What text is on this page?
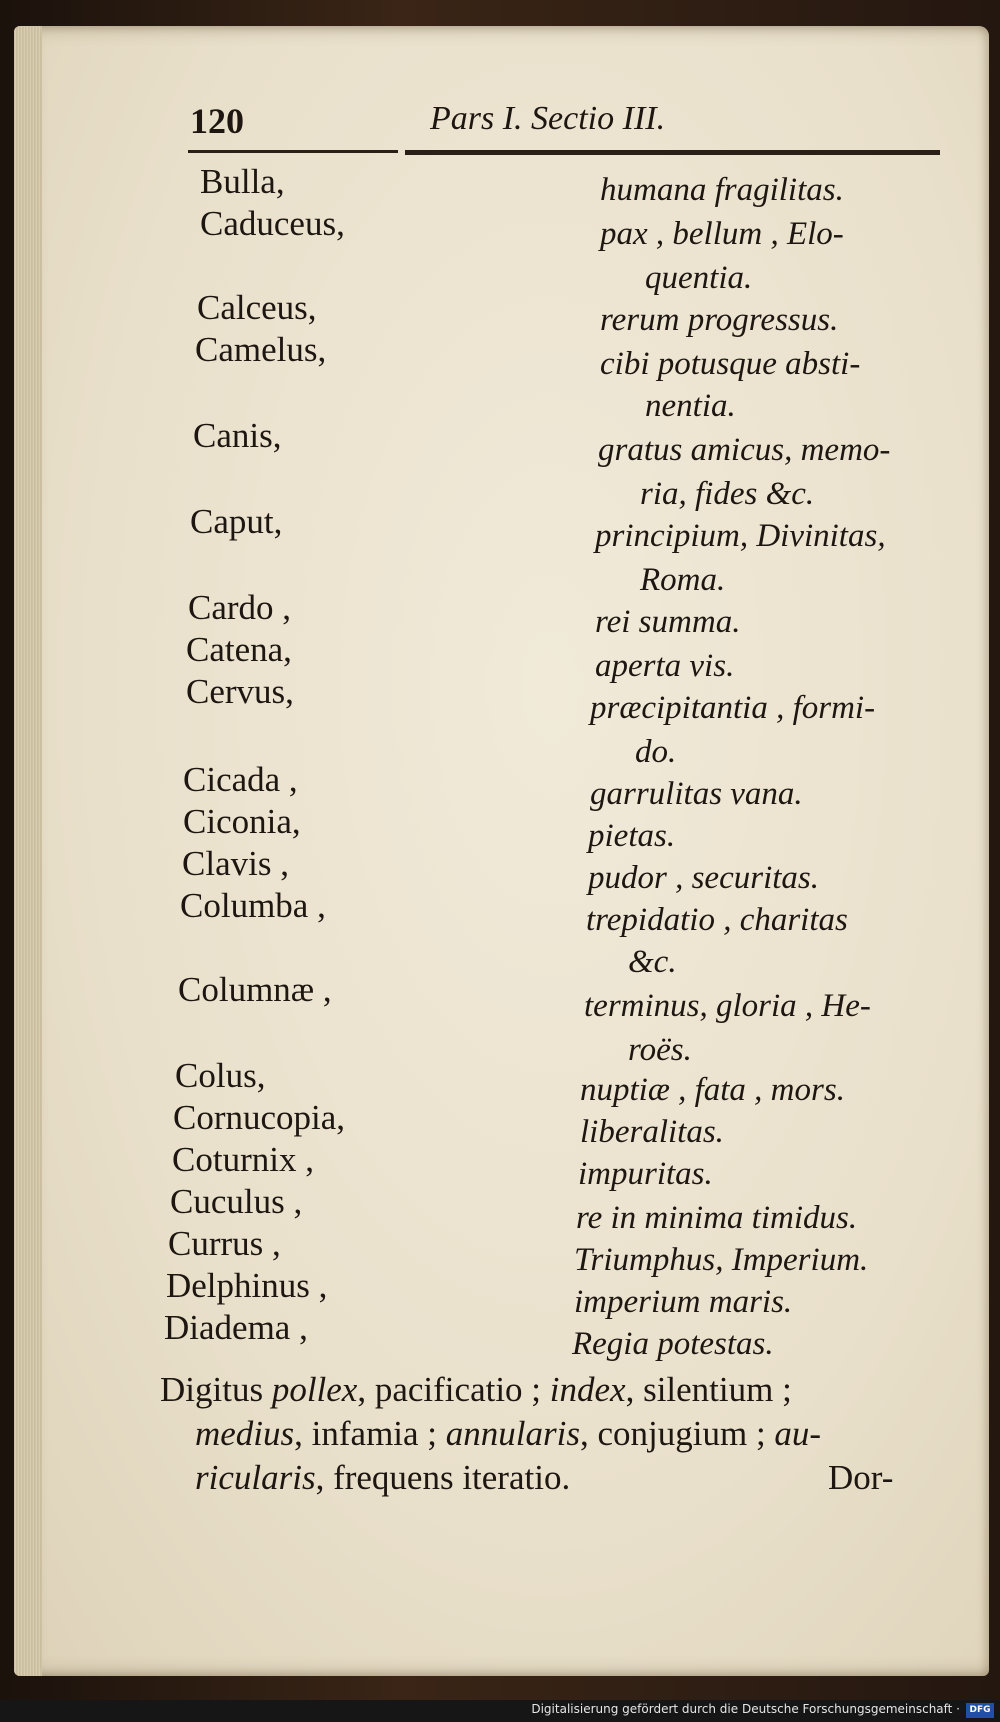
120	Pars I. Sectio III.
Bulla,	humana fragilitas.
Caduceus,	pax , bellum , Elo-
quentia.
Calceus,	rerum progressus.
Camelus,	cibi potusque absti-
nentia.
Canis,	gratus amicus, memo-
ria, fides &c.
Caput,	principium, Divinitas,
Roma.
Cardo ,	rei summa.
Catena,	aperta vis.
Cervus,	præcipitantia , formi-
do.
Cicada ,	garrulitas vana.
Ciconia,	pietas.
Clavis ,	pudor , securitas.
Columba ,	trepidatio , charitas
&c.
Columnæ ,	terminus, gloria , He-
roës.
Colus,	nuptiæ , fata , mors.
Cornucopia,	liberalitas.
Coturnix ,	impuritas.
Cuculus ,	re in minima timidus.
Currus ,	Triumphus, Imperium.
Delphinus ,	imperium maris.
Diadema ,	Regia potestas.
Digitus pollex, pacificatio ; index, silentium ;
medius, infamia ; annularis, conjugium ; au-
ricularis, frequens iteratio.	Dor-
Digitalisierung gefördert durch die Deutsche Forschungsgemeinschaft ·	DFG
